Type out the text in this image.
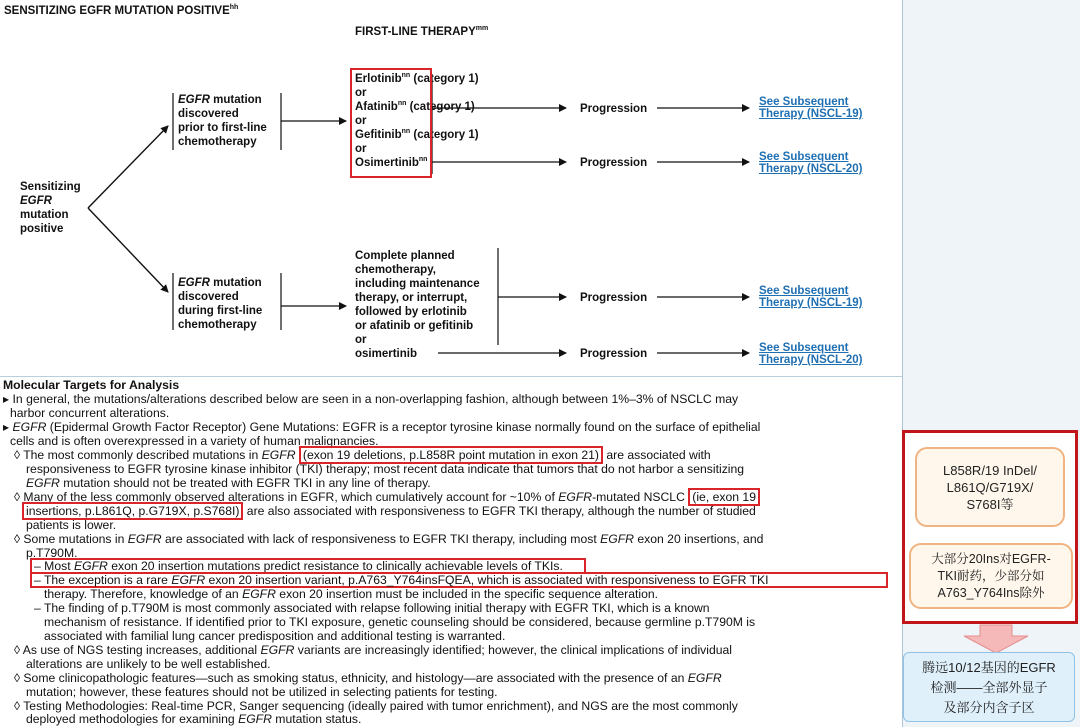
SENSITIZING EGFR MUTATION $POSITIVE^{hh}$
FIRST-LINE $THERAPY^{mm}$
Sensitizing
EGFR
mutation
positive
EGFR mutation
discovered
prior to first-line
chemotherapy
EGFR mutation
discovered
during first-line
chemotherapy
Erlotinib$^{nn}$ (category 1)
or
Afatinib$^{nn}$ (category 1)
or
Gefitinib$^{nn}$ (category 1)
or
Osimertinib$^{nn}$
Complete planned
chemotherapy,
including maintenance
therapy, or interrupt,
followed by erlotinib
or afatinib or gefitinib
or
osimertinib
Progression
Progression
Progression
Progression
See Subsequent
Therapy (NSCL-19)
See Subsequent
Therapy (NSCL-20)
See Subsequent
Therapy (NSCL-19)
See Subsequent
Therapy (NSCL-20)
L858R/19 InDel/
L861Q/G719X/
S768I等
大部分20Ins对EGFR-
TKI耐药，少部分如
A763_Y764Ins除外
腾远10/12基因的EGFR
检测——全部外显子
及部分内含子区
Molecular Targets for Analysis
▸ In general, the mutations/alterations described below are seen in a non-overlapping fashion, although between 1%–3% of NSCLC may
harbor concurrent alterations.
▸ EGFR (Epidermal Growth Factor Receptor) Gene Mutations: EGFR is a receptor tyrosine kinase normally found on the surface of epithelial
cells and is often overexpressed in a variety of human malignancies.
◊ The most commonly described mutations in EGFR (exon 19 deletions, p.L858R point mutation in exon 21) are associated with
responsiveness to EGFR tyrosine kinase inhibitor (TKI) therapy; most recent data indicate that tumors that do not harbor a sensitizing
EGFR mutation should not be treated with EGFR TKI in any line of therapy.
◊ Many of the less commonly observed alterations in EGFR, which cumulatively account for ~10% of EGFR-mutated NSCLC (ie, exon 19
insertions, p.L861Q, p.G719X, p.S768I) are also associated with responsiveness to EGFR TKI therapy, although the number of studied
patients is lower.
◊ Some mutations in EGFR are associated with lack of responsiveness to EGFR TKI therapy, including most EGFR exon 20 insertions, and
p.T790M.
– Most EGFR exon 20 insertion mutations predict resistance to clinically achievable levels of TKIs.
– The exception is a rare EGFR exon 20 insertion variant, p.A763_Y764insFQEA, which is associated with responsiveness to EGFR TKI
therapy. Therefore, knowledge of an EGFR exon 20 insertion must be included in the specific sequence alteration.
– The finding of p.T790M is most commonly associated with relapse following initial therapy with EGFR TKI, which is a known
mechanism of resistance. If identified prior to TKI exposure, genetic counseling should be considered, because germline p.T790M is
associated with familial lung cancer predisposition and additional testing is warranted.
◊ As use of NGS testing increases, additional EGFR variants are increasingly identified; however, the clinical implications of individual
alterations are unlikely to be well established.
◊ Some clinicopathologic features—such as smoking status, ethnicity, and histology—are associated with the presence of an EGFR
mutation; however, these features should not be utilized in selecting patients for testing.
◊ Testing Methodologies: Real-time PCR, Sanger sequencing (ideally paired with tumor enrichment), and NGS are the most commonly
deployed methodologies for examining EGFR mutation status.
